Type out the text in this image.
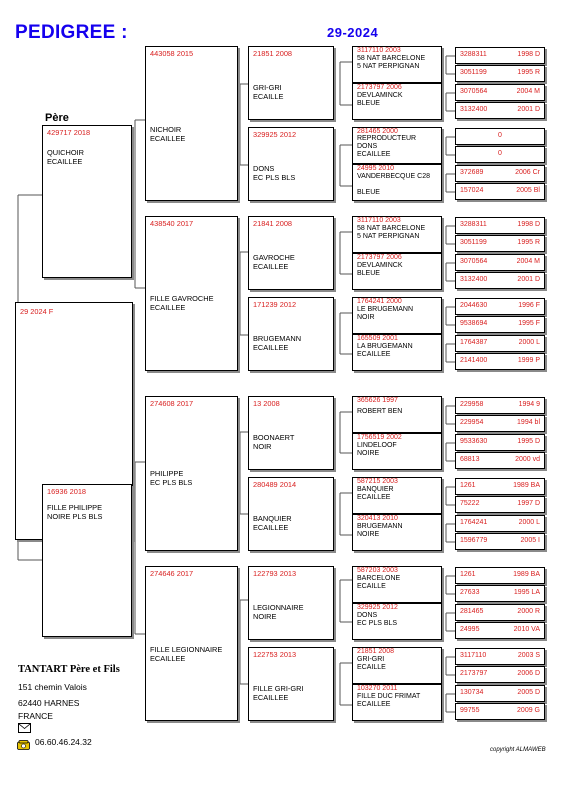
PEDIGREE :	29-2024
Père
29 2024 F
429717 2018
QUICHOIR
ECAILLEE
16936 2018
FILLE PHILIPPE
NOIRE PLS BLS
443058 2015
NICHOIR
ECAILLEE
438540 2017
FILLE GAVROCHE
ECAILLEE
274608 2017
PHILIPPE
EC PLS BLS
274646 2017
FILLE LEGIONNAIRE
ECAILLEE
21851 2008
GRI-GRI
ECAILLE
329925 2012
DONS
EC PLS BLS
21841 2008
GAVROCHE
ECAILLEE
171239 2012
BRUGEMANN
ECAILLEE
13 2008
BOONAERT
NOIR
280489 2014
BANQUIER
ECAILLEE
122793 2013
LEGIONNAIRE
NOIRE
122753 2013
FILLE GRI-GRI
ECAILLEE
3117110 2003
58 NAT BARCELONE
5 NAT PERPIGNAN
2173797 2006
DEVLAMINCK
BLEUE
281465 2000
REPRODUCTEUR
DONS
ECAILLEE
24995 2010
VANDERBECQUE C28
BLEUE
3117110 2003
58 NAT BARCELONE
5 NAT PERPIGNAN
2173797 2006
DEVLAMINCK
BLEUE
1764241 2000
LE BRUGEMANN
NOIR
165509 2001
LA BRUGEMANN
ECAILLEE
365626 1997
ROBERT BEN
1756519 2002
LINDELOOF
NOIRE
587215 2003
BANQUIER
ECAILLEE
320413 2010
BRUGEMANN
NOIRE
587203 2003
BARCELONE
ECAILLE
329925 2012
DONS
EC PLS BLS
21851 2008
GRI-GRI
ECAILLE
103270 2011
FILLE DUC FRIMAT
ECAILLEE
3288311	1998 D
3051199	1995 R
3070564	2004 M
3132400	2001 D
0
0
372689	2006 Cr
157024	2005 Bl
3288311	1998 D
3051199	1995 R
3070564	2004 M
3132400	2001 D
2044630	1996 F
9538694	1995 F
1764387	2000 L
2141400	1999 P
229958	1994 9
229954	1994 bl
9533630	1995 D
68813	2000 vd
1261	1989 BA
75222	1997 D
1764241	2000 L
1596779	2005 I
1261	1989 BA
27633	1995 LA
281465	2000 R
24995	2010 VA
3117110	2003 S
2173797	2006 D
130734	2005 D
99755	2009 G
TANTART Père et Fils
151 chemin Valois
62440 HARNES
FRANCE
06.60.46.24.32
copyright ALMAWEB
